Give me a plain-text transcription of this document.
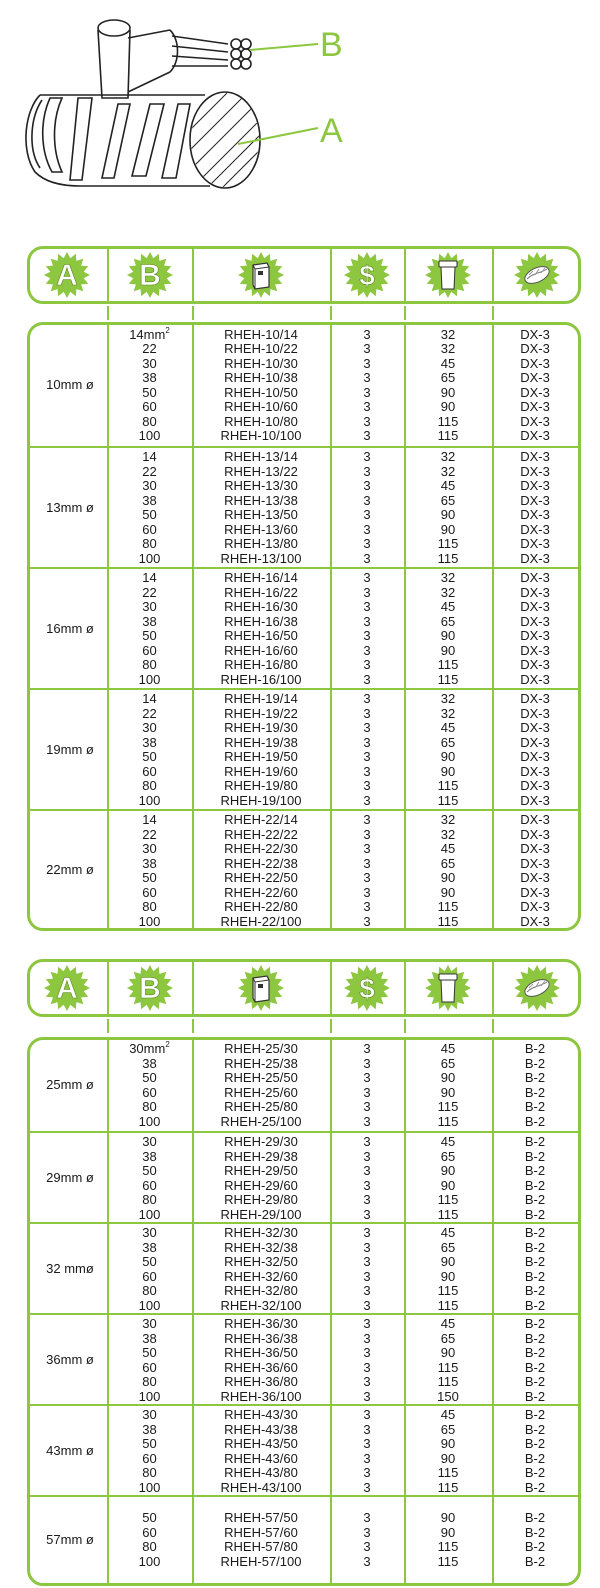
B
A
A B	$
10mm ø
$14mm^2$
22
30
38
50
60
80
100
RHEH-10/14
RHEH-10/22
RHEH-10/30
RHEH-10/38
RHEH-10/50
RHEH-10/60
RHEH-10/80
RHEH-10/100
3
3
3
3
3
3
3
3
32
32
45
65
90
90
115
115
DX-3
DX-3
DX-3
DX-3
DX-3
DX-3
DX-3
DX-3
13mm ø
14
22
30
38
50
60
80
100
RHEH-13/14
RHEH-13/22
RHEH-13/30
RHEH-13/38
RHEH-13/50
RHEH-13/60
RHEH-13/80
RHEH-13/100
3
3
3
3
3
3
3
3
32
32
45
65
90
90
115
115
DX-3
DX-3
DX-3
DX-3
DX-3
DX-3
DX-3
DX-3
16mm ø
14
22
30
38
50
60
80
100
RHEH-16/14
RHEH-16/22
RHEH-16/30
RHEH-16/38
RHEH-16/50
RHEH-16/60
RHEH-16/80
RHEH-16/100
3
3
3
3
3
3
3
3
32
32
45
65
90
90
115
115
DX-3
DX-3
DX-3
DX-3
DX-3
DX-3
DX-3
DX-3
19mm ø
14
22
30
38
50
60
80
100
RHEH-19/14
RHEH-19/22
RHEH-19/30
RHEH-19/38
RHEH-19/50
RHEH-19/60
RHEH-19/80
RHEH-19/100
3
3
3
3
3
3
3
3
32
32
45
65
90
90
115
115
DX-3
DX-3
DX-3
DX-3
DX-3
DX-3
DX-3
DX-3
22mm ø
14
22
30
38
50
60
80
100
RHEH-22/14
RHEH-22/22
RHEH-22/30
RHEH-22/38
RHEH-22/50
RHEH-22/60
RHEH-22/80
RHEH-22/100
3
3
3
3
3
3
3
3
32
32
45
65
90
90
115
115
DX-3
DX-3
DX-3
DX-3
DX-3
DX-3
DX-3
DX-3
A B	$
25mm ø
$30mm^2$
38
50
60
80
100
RHEH-25/30
RHEH-25/38
RHEH-25/50
RHEH-25/60
RHEH-25/80
RHEH-25/100
3
3
3
3
3
3
45
65
90
90
115
115
B-2
B-2
B-2
B-2
B-2
B-2
29mm ø
30
38
50
60
80
100
RHEH-29/30
RHEH-29/38
RHEH-29/50
RHEH-29/60
RHEH-29/80
RHEH-29/100
3
3
3
3
3
3
45
65
90
90
115
115
B-2
B-2
B-2
B-2
B-2
B-2
32 mmø
30
38
50
60
80
100
RHEH-32/30
RHEH-32/38
RHEH-32/50
RHEH-32/60
RHEH-32/80
RHEH-32/100
3
3
3
3
3
3
45
65
90
90
115
115
B-2
B-2
B-2
B-2
B-2
B-2
36mm ø
30
38
50
60
80
100
RHEH-36/30
RHEH-36/38
RHEH-36/50
RHEH-36/60
RHEH-36/80
RHEH-36/100
3
3
3
3
3
3
45
65
90
115
115
150
B-2
B-2
B-2
B-2
B-2
B-2
43mm ø
30
38
50
60
80
100
RHEH-43/30
RHEH-43/38
RHEH-43/50
RHEH-43/60
RHEH-43/80
RHEH-43/100
3
3
3
3
3
3
45
65
90
90
115
115
B-2
B-2
B-2
B-2
B-2
B-2
57mm ø
50
60
80
100
RHEH-57/50
RHEH-57/60
RHEH-57/80
RHEH-57/100
3
3
3
3
90
90
115
115
B-2
B-2
B-2
B-2
